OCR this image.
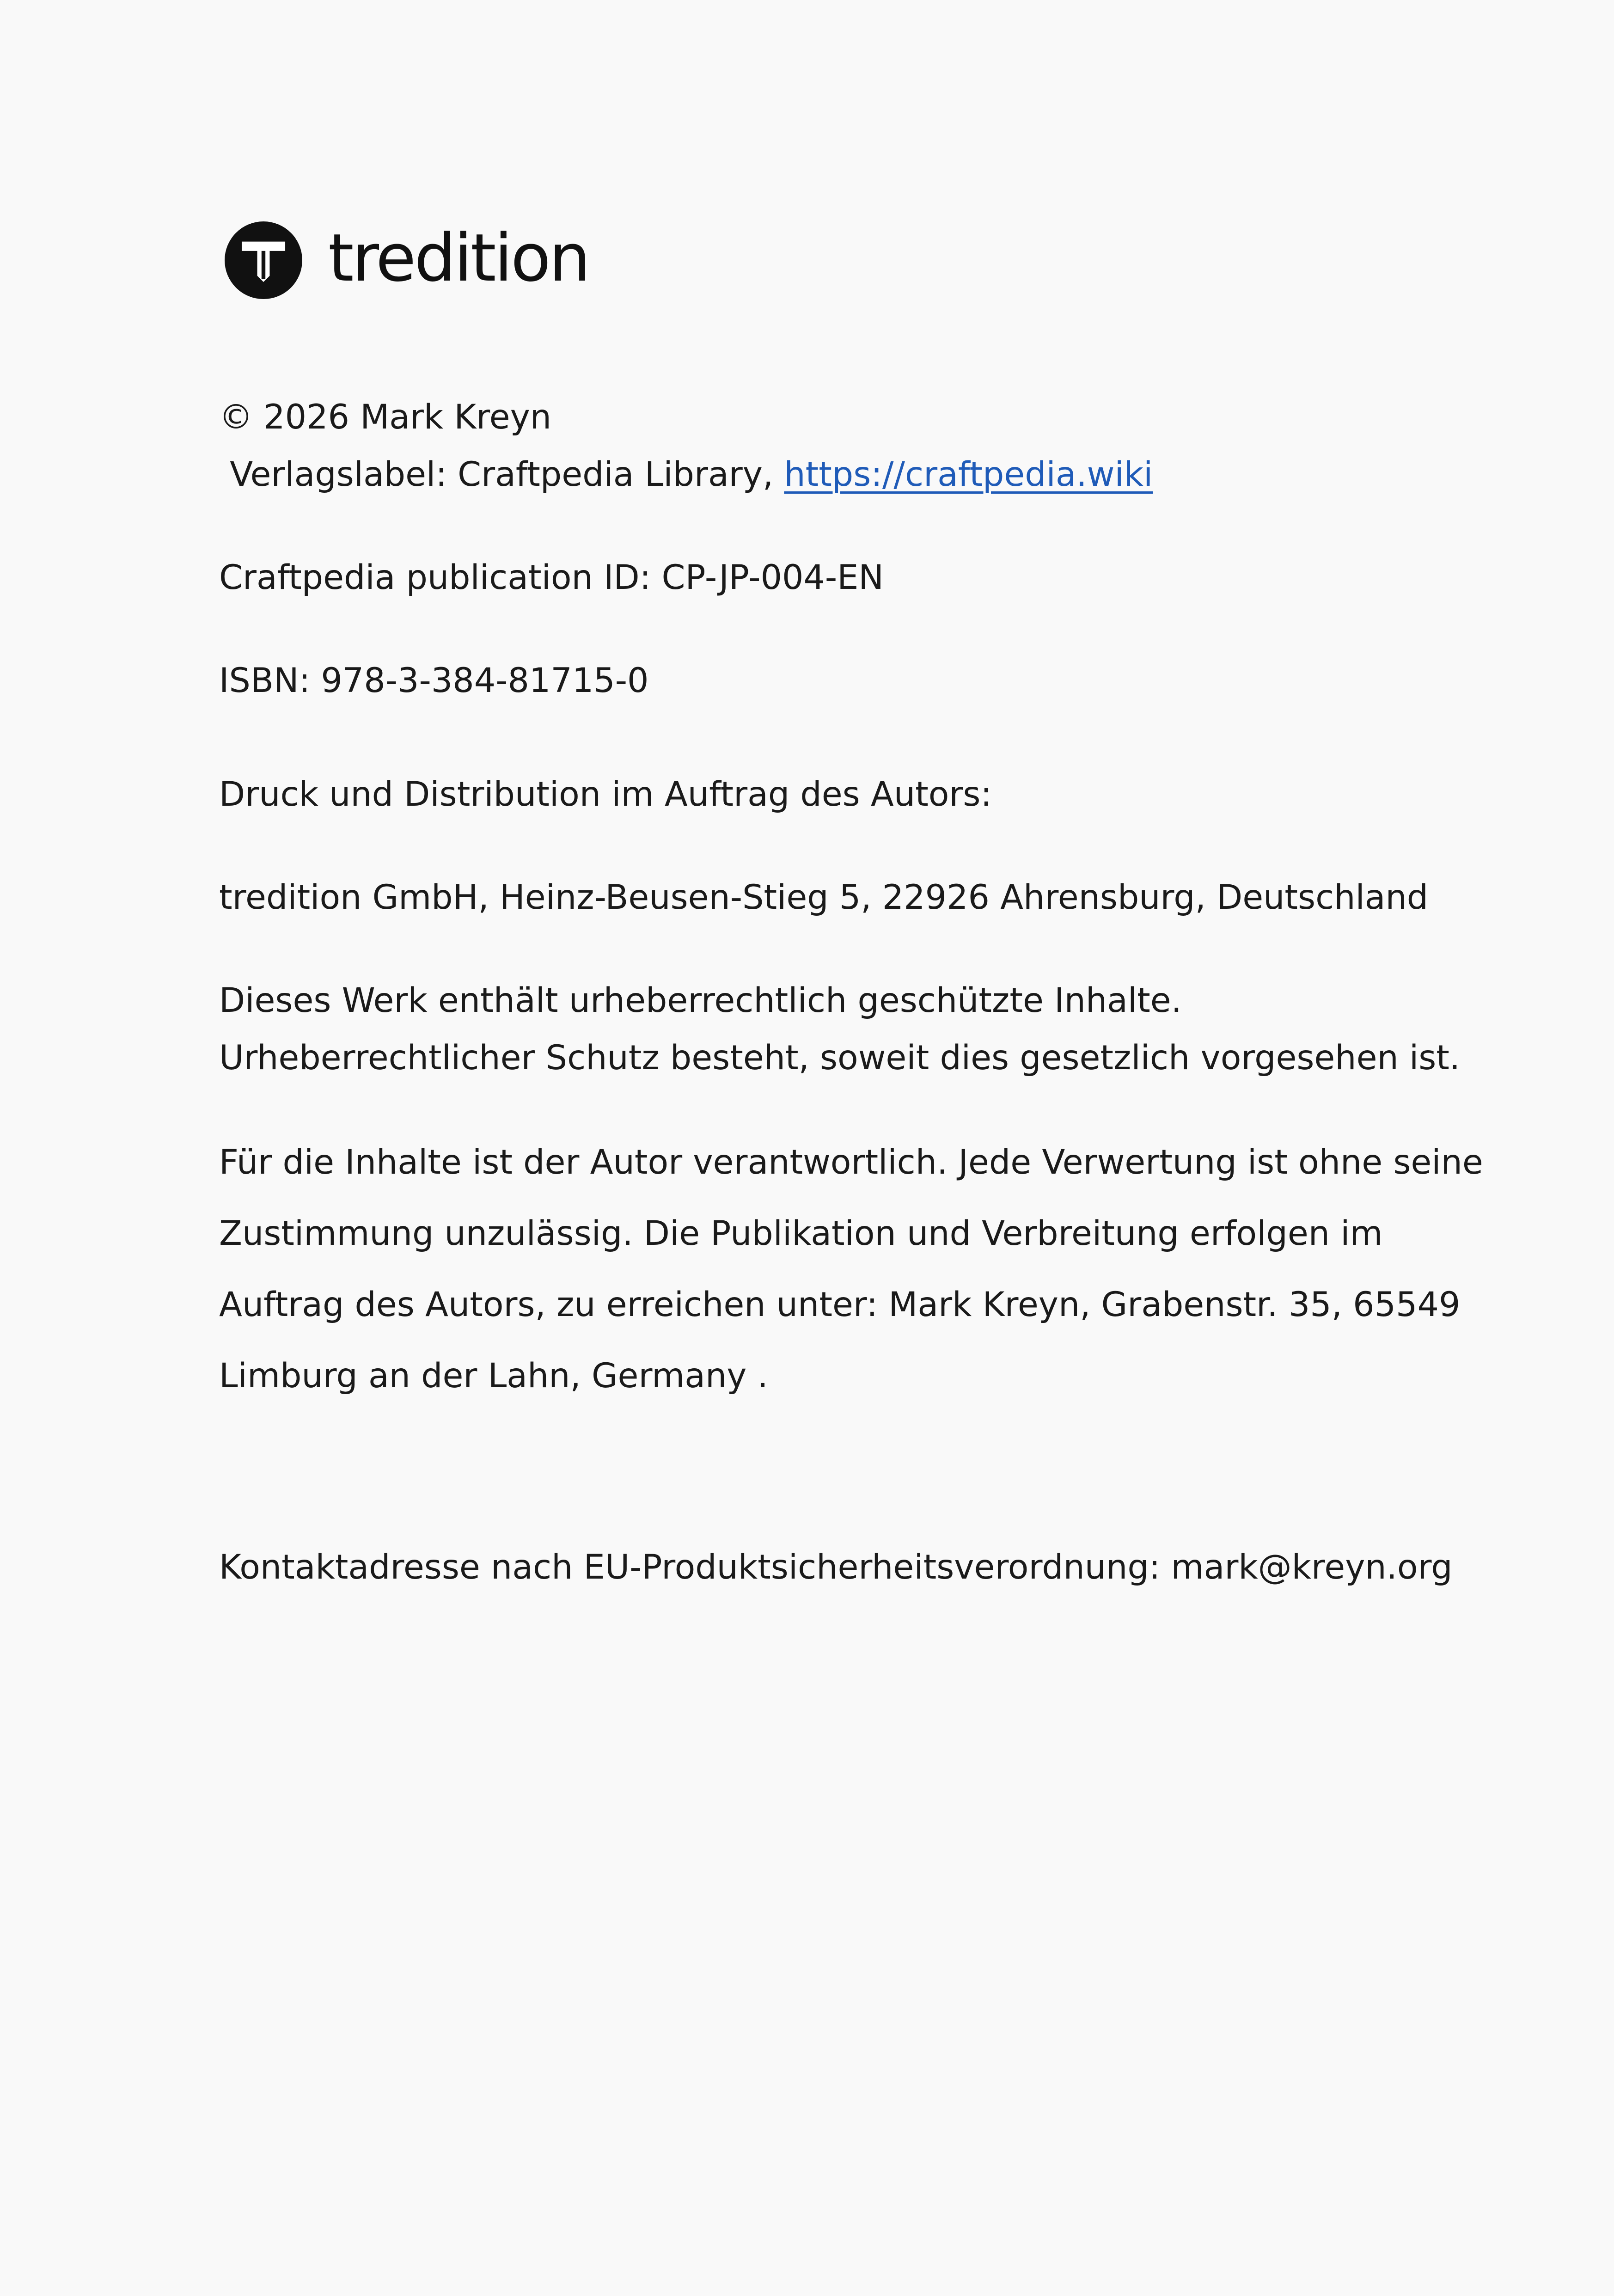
tredition
© 2026 Mark Kreyn
Verlagslabel: Craftpedia Library, https://craftpedia.wiki
Craftpedia publication ID: CP-JP-004-EN
ISBN: 978-3-384-81715-0
Druck und Distribution im Auftrag des Autors:
tredition GmbH, Heinz-Beusen-Stieg 5, 22926 Ahrensburg, Deutschland
Dieses Werk enthält urheberrechtlich geschützte Inhalte.
Urheberrechtlicher Schutz besteht, soweit dies gesetzlich vorgesehen ist.
Für die Inhalte ist der Autor verantwortlich. Jede Verwertung ist ohne seine
Zustimmung unzulässig. Die Publikation und Verbreitung erfolgen im
Auftrag des Autors, zu erreichen unter: Mark Kreyn, Grabenstr. 35, 65549
Limburg an der Lahn, Germany .
Kontaktadresse nach EU-Produktsicherheitsverordnung: mark@kreyn.org
